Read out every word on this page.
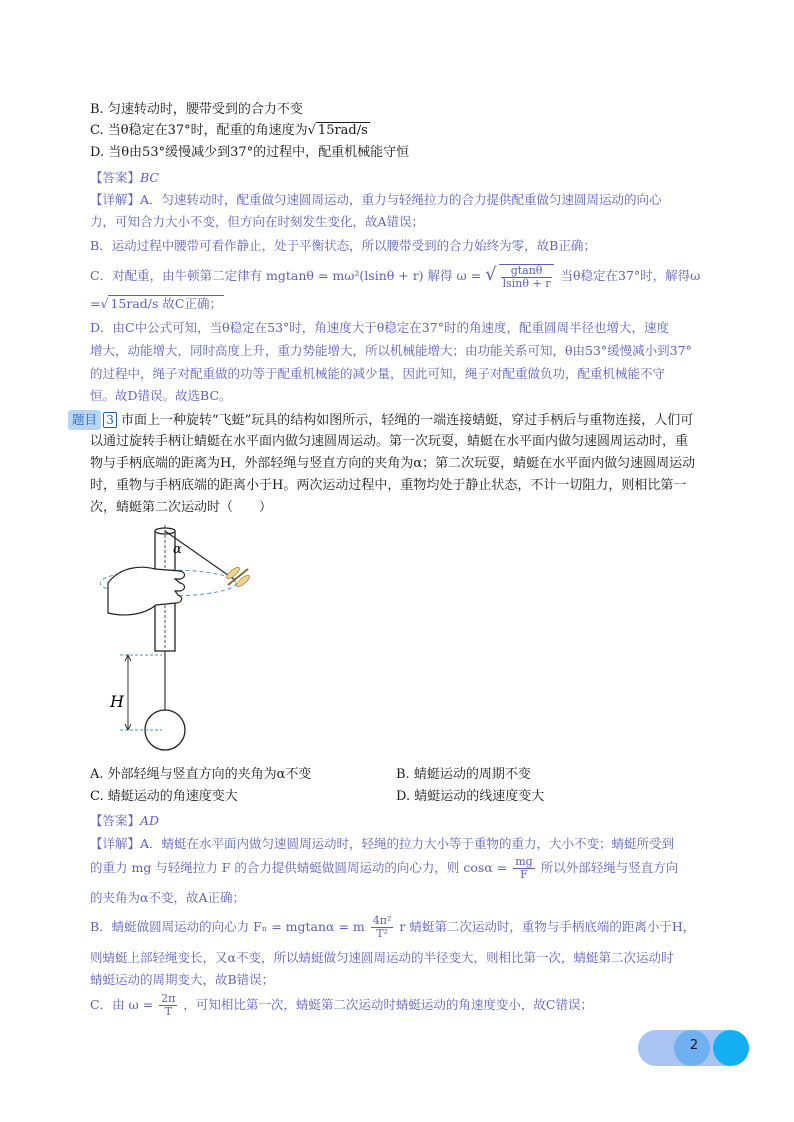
B. 匀速转动时，腰带受到的合力不变
C. 当θ稳定在37°时，配重的角速度为√ 15rad/s
D. 当θ由53°缓慢减少到37°的过程中，配重机械能守恒
【答案】BC
【详解】A．匀速转动时，配重做匀速圆周运动，重力与轻绳拉力的合力提供配重做匀速圆周运动的向心
力，可知合力大小不变，但方向在时刻发生变化，故A错误；
B．运动过程中腰带可看作静止，处于平衡状态，所以腰带受到的合力始终为零，故B正确；
C．对配重，由牛顿第二定律有 mgtanθ = mω²(lsinθ + r) 解得 ω = √ $\frac{gtan\theta}{lsin\theta + r}$ 当θ稳定在37°时，解得ω
=√ 15rad/s 故C正确；
D．由C中公式可知，当θ稳定在53°时，角速度大于θ稳定在37°时的角速度，配重圆周半径也增大，速度
增大，动能增大，同时高度上升，重力势能增大，所以机械能增大；由功能关系可知，θ由53°缓慢减小到37°
的过程中，绳子对配重做的功等于配重机械能的减少量，因此可知，绳子对配重做负功，配重机械能不守
恒。故D错误。故选BC。
题目 3 市面上一种旋转“飞蜓”玩具的结构如图所示，轻绳的一端连接蜻蜓，穿过手柄后与重物连接，人们可
以通过旋转手柄让蜻蜓在水平面内做匀速圆周运动。第一次玩耍，蜻蜓在水平面内做匀速圆周运动时，重
物与手柄底端的距离为H，外部轻绳与竖直方向的夹角为α；第二次玩耍，蜻蜓在水平面内做匀速圆周运动
时，重物与手柄底端的距离小于H。两次运动过程中，重物均处于静止状态，不计一切阻力，则相比第一
次，蜻蜓第二次运动时（　　）
α
H
A. 外部轻绳与竖直方向的夹角为α不变	B. 蜻蜓运动的周期不变
C. 蜻蜓运动的角速度变大	D. 蜻蜓运动的线速度变大
【答案】AD
【详解】A．蜻蜓在水平面内做匀速圆周运动时，轻绳的拉力大小等于重物的重力，大小不变；蜻蜓所受到
的重力 mg 与轻绳拉力 F 的合力提供蜻蜓做圆周运动的向心力，则 $\cos\alpha = \frac{mg}{F}$ 所以外部轻绳与竖直方向
的夹角为α不变，故A正确；
B．蜻蜓做圆周运动的向心力 Fₙ = mgtanα = m $\frac{\text{4π²}}{\text{T²}}$ r 蜻蜓第二次运动时，重物与手柄底端的距离小于H，
则蜻蜓上部轻绳变长，又α不变，所以蜻蜓做匀速圆周运动的半径变大，则相比第一次，蜻蜓第二次运动时
蜻蜓运动的周期变大，故B错误；
C．由 $\omega = \frac{2\pi}{T}$ ，可知相比第一次，蜻蜓第二次运动时蜻蜓运动的角速度变小，故C错误；
2
